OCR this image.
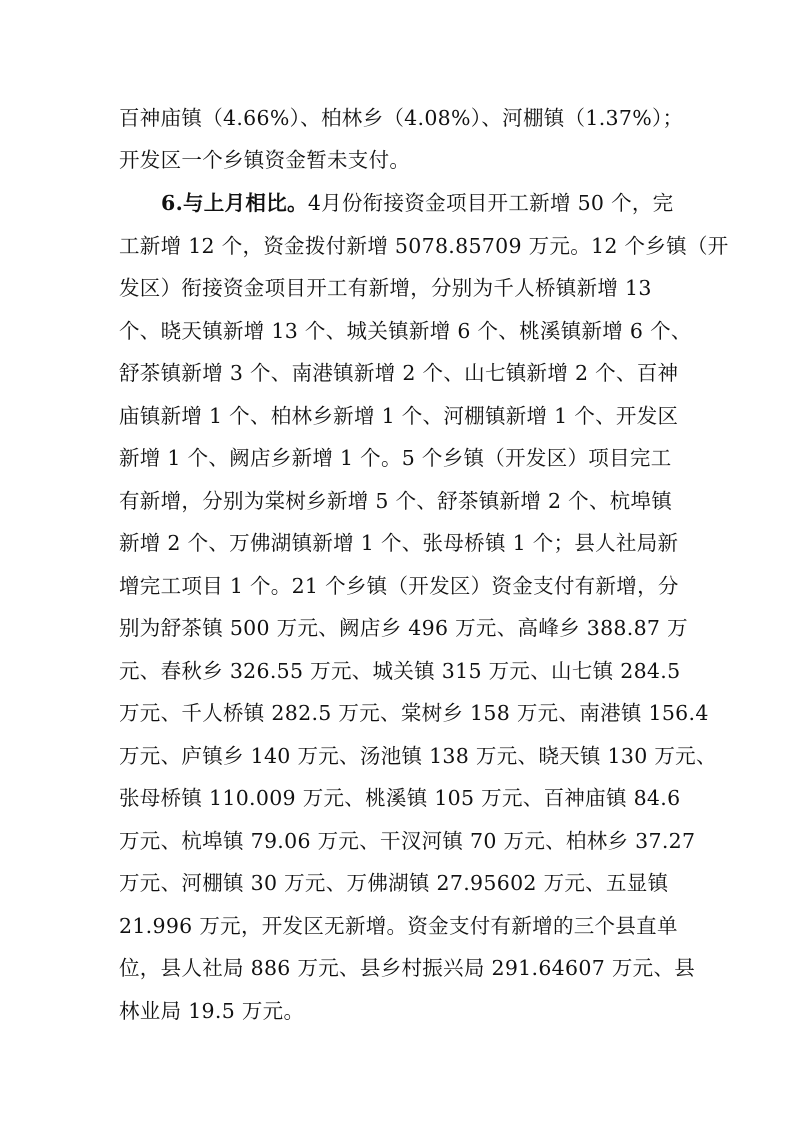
百神庙镇（4.66%）、柏林乡（4.08%）、河棚镇（1.37%）；
开发区一个乡镇资金暂未支付。
6.与上月相比。4月份衔接资金项目开工新增 50 个，完
工新增 12 个，资金拨付新增 5078.85709 万元。12 个乡镇（开
发区）衔接资金项目开工有新增，分别为千人桥镇新增 13
个、晓天镇新增 13 个、城关镇新增 6 个、桃溪镇新增 6 个、
舒茶镇新增 3 个、南港镇新增 2 个、山七镇新增 2 个、百神
庙镇新增 1 个、柏林乡新增 1 个、河棚镇新增 1 个、开发区
新增 1 个、阙店乡新增 1 个。5 个乡镇（开发区）项目完工
有新增，分别为棠树乡新增 5 个、舒茶镇新增 2 个、杭埠镇
新增 2 个、万佛湖镇新增 1 个、张母桥镇 1 个；县人社局新
增完工项目 1 个。21 个乡镇（开发区）资金支付有新增，分
别为舒茶镇 500 万元、阙店乡 496 万元、高峰乡 388.87 万
元、春秋乡 326.55 万元、城关镇 315 万元、山七镇 284.5
万元、千人桥镇 282.5 万元、棠树乡 158 万元、南港镇 156.4
万元、庐镇乡 140 万元、汤池镇 138 万元、晓天镇 130 万元、
张母桥镇 110.009 万元、桃溪镇 105 万元、百神庙镇 84.6
万元、杭埠镇 79.06 万元、干汊河镇 70 万元、柏林乡 37.27
万元、河棚镇 30 万元、万佛湖镇 27.95602 万元、五显镇
21.996 万元，开发区无新增。资金支付有新增的三个县直单
位，县人社局 886 万元、县乡村振兴局 291.64607 万元、县
林业局 19.5 万元。
